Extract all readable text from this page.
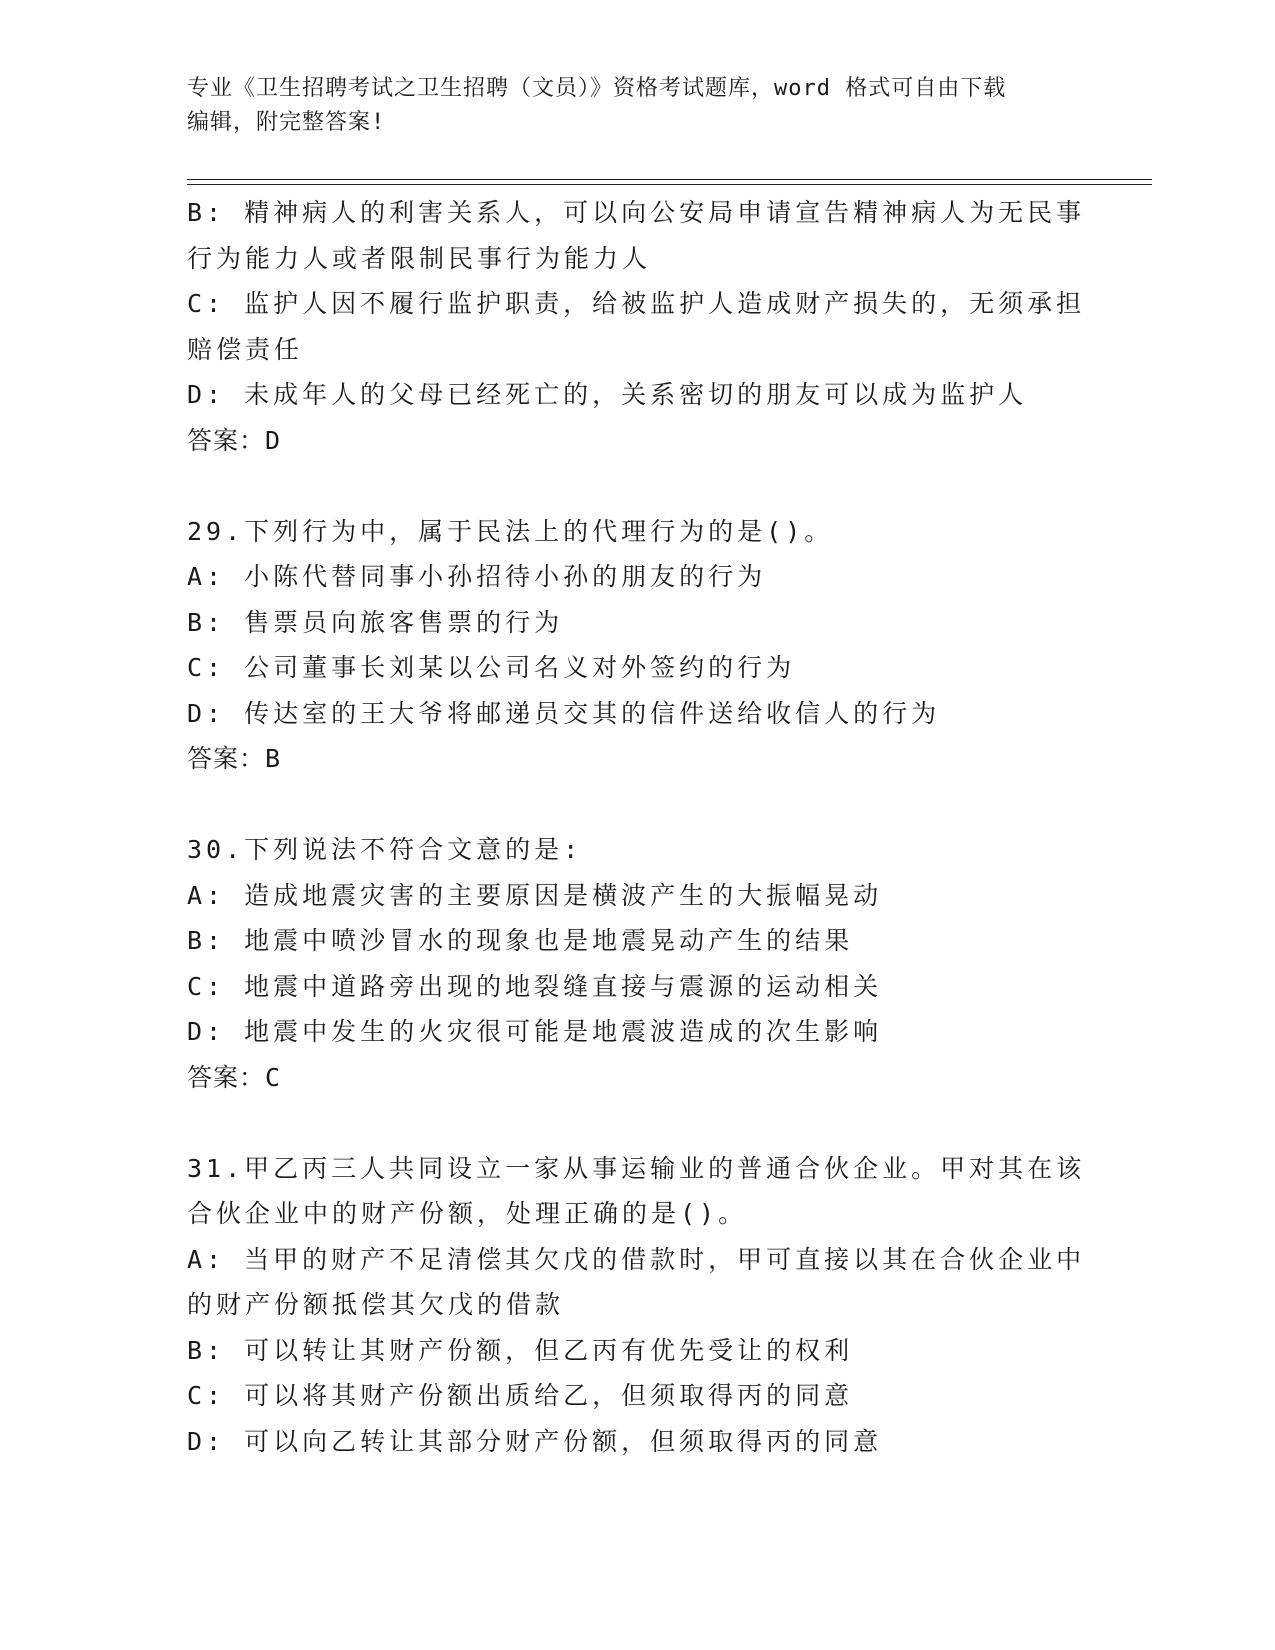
专业《卫生招聘考试之卫生招聘（文员）》资格考试题库，word 格式可自由下载
编辑，附完整答案!
B: 精神病人的利害关系人，可以向公安局申请宣告精神病人为无民事
行为能力人或者限制民事行为能力人
C: 监护人因不履行监护职责，给被监护人造成财产损失的，无须承担
赔偿责任
D: 未成年人的父母已经死亡的，关系密切的朋友可以成为监护人
答案：D
29.下列行为中，属于民法上的代理行为的是()。
A: 小陈代替同事小孙招待小孙的朋友的行为
B: 售票员向旅客售票的行为
C: 公司董事长刘某以公司名义对外签约的行为
D: 传达室的王大爷将邮递员交其的信件送给收信人的行为
答案：B
30.下列说法不符合文意的是:
A: 造成地震灾害的主要原因是横波产生的大振幅晃动
B: 地震中喷沙冒水的现象也是地震晃动产生的结果
C: 地震中道路旁出现的地裂缝直接与震源的运动相关
D: 地震中发生的火灾很可能是地震波造成的次生影响
答案：C
31.甲乙丙三人共同设立一家从事运输业的普通合伙企业。甲对其在该
合伙企业中的财产份额，处理正确的是()。
A: 当甲的财产不足清偿其欠戊的借款时，甲可直接以其在合伙企业中
的财产份额抵偿其欠戊的借款
B: 可以转让其财产份额，但乙丙有优先受让的权利
C: 可以将其财产份额出质给乙，但须取得丙的同意
D: 可以向乙转让其部分财产份额，但须取得丙的同意
